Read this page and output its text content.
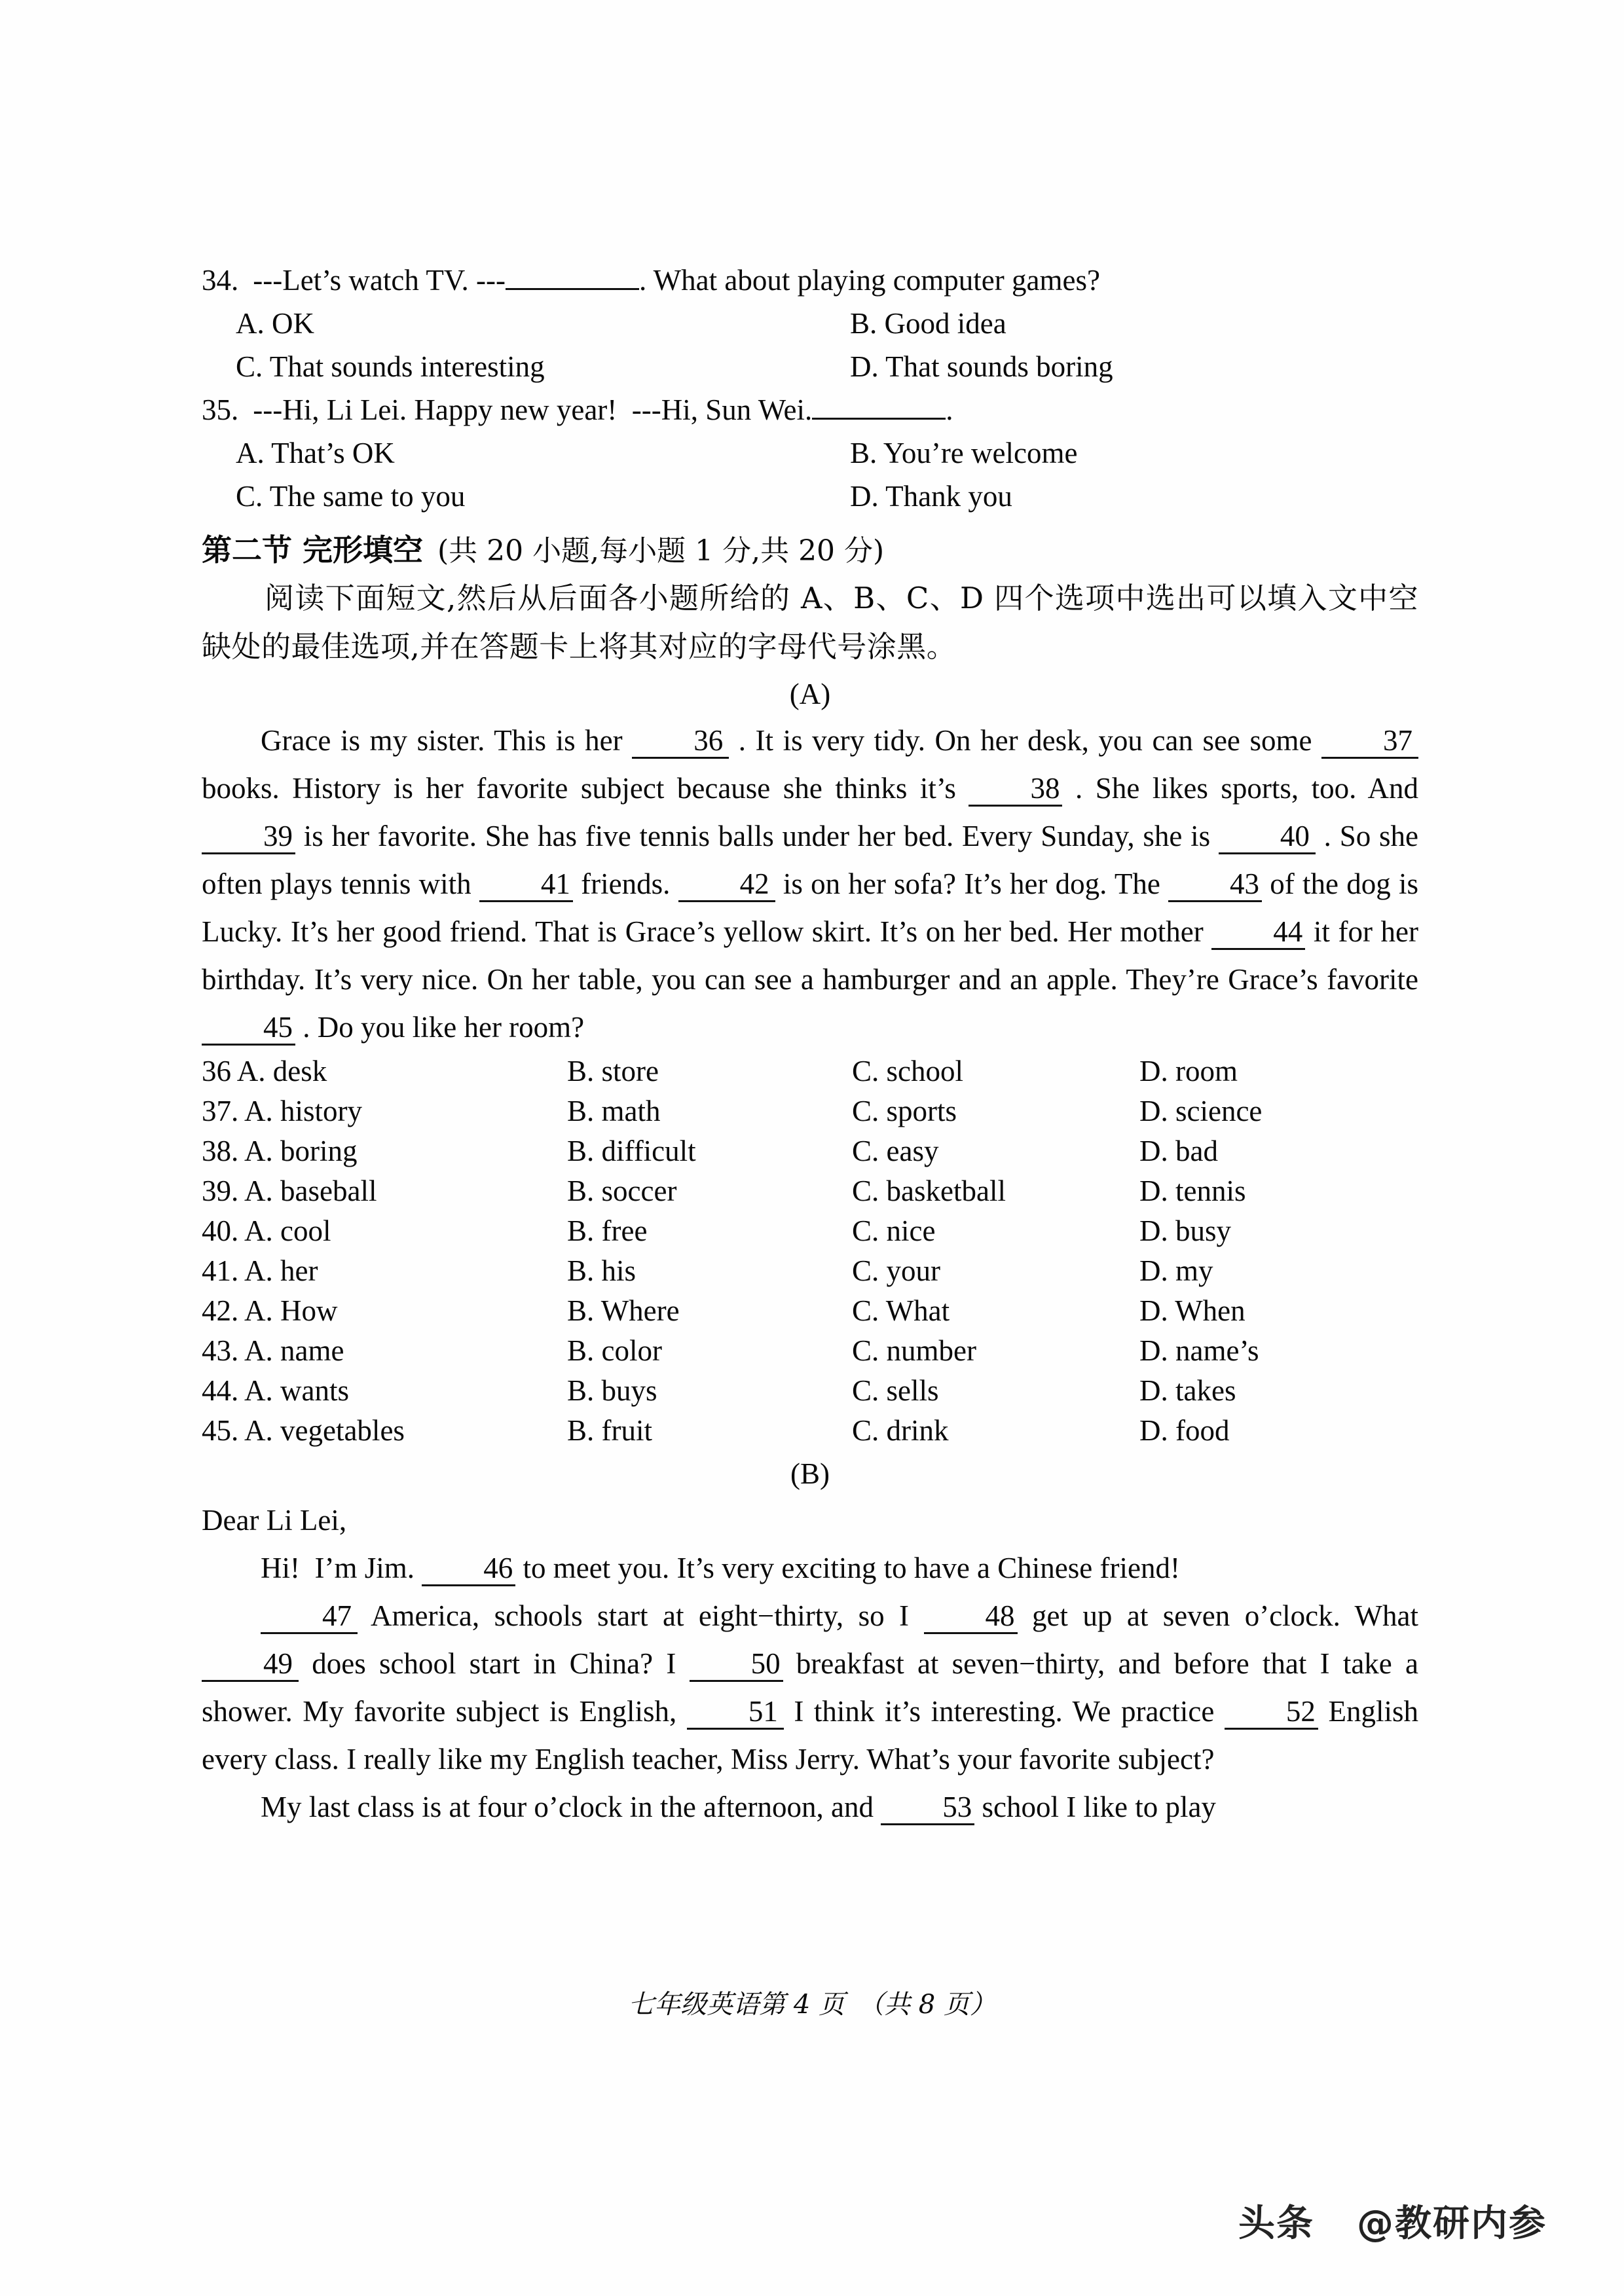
34. ---Let’s watch TV. ---	. What about playing computer games?
A. OK	B. Good idea
C. That sounds interesting	D. That sounds boring
35. ---Hi, Li Lei. Happy new year!  ---Hi, Sun Wei.	.
A. That’s OK	B. You’re welcome
C. The same to you	D. Thank you
第二节 完形填空 (共 20 小题,每小题 1 分,共 20 分)
阅读下面短文,然后从后面各小题所给的 A、B、C、D 四个选项中选出可以填入文中空缺处的最佳选项,并在答题卡上将其对应的字母代号涂黑。
(A)
Grace is my sister. This is her 36 . It is very tidy. On her desk, you can see some 37 books. History is her favorite subject because she thinks it’s 38 . She likes sports, too. And 39 is her favorite. She has five tennis balls under her bed. Every Sunday, she is 40 . So she often plays tennis with 41 friends. 42 is on her sofa? It’s her dog. The 43 of the dog is Lucky. It’s her good friend. That is Grace’s yellow skirt. It’s on her bed. Her mother 44 it for her birthday. It’s very nice. On her table, you can see a hamburger and an apple. They’re Grace’s favorite 45 . Do you like her room?
36 A. desk	B. store	C. school	D. room
37. A. history	B. math	C. sports	D. science
38. A. boring	B. difficult	C. easy	D. bad
39. A. baseball	B. soccer	C. basketball	D. tennis
40. A. cool	B. free	C. nice	D. busy
41. A. her	B. his	C. your	D. my
42. A. How	B. Where	C. What	D. When
43. A. name	B. color	C. number	D. name’s
44. A. wants	B. buys	C. sells	D. takes
45. A. vegetables	B. fruit	C. drink	D. food
(B)
Dear Li Lei,
Hi!  I’m Jim. 46 to meet you. It’s very exciting to have a Chinese friend!
47 America, schools start at eight−thirty, so I 48 get up at seven o’clock. What 49 does school start in China? I 50 breakfast at seven−thirty, and before that I take a shower. My favorite subject is English, 51 I think it’s interesting. We practice 52 English every class. I really like my English teacher, Miss Jerry. What’s your favorite subject?
My last class is at four o’clock in the afternoon, and 53 school I like to play
七年级英语第 4 页　（共 8 页）
头条 @教研内参
